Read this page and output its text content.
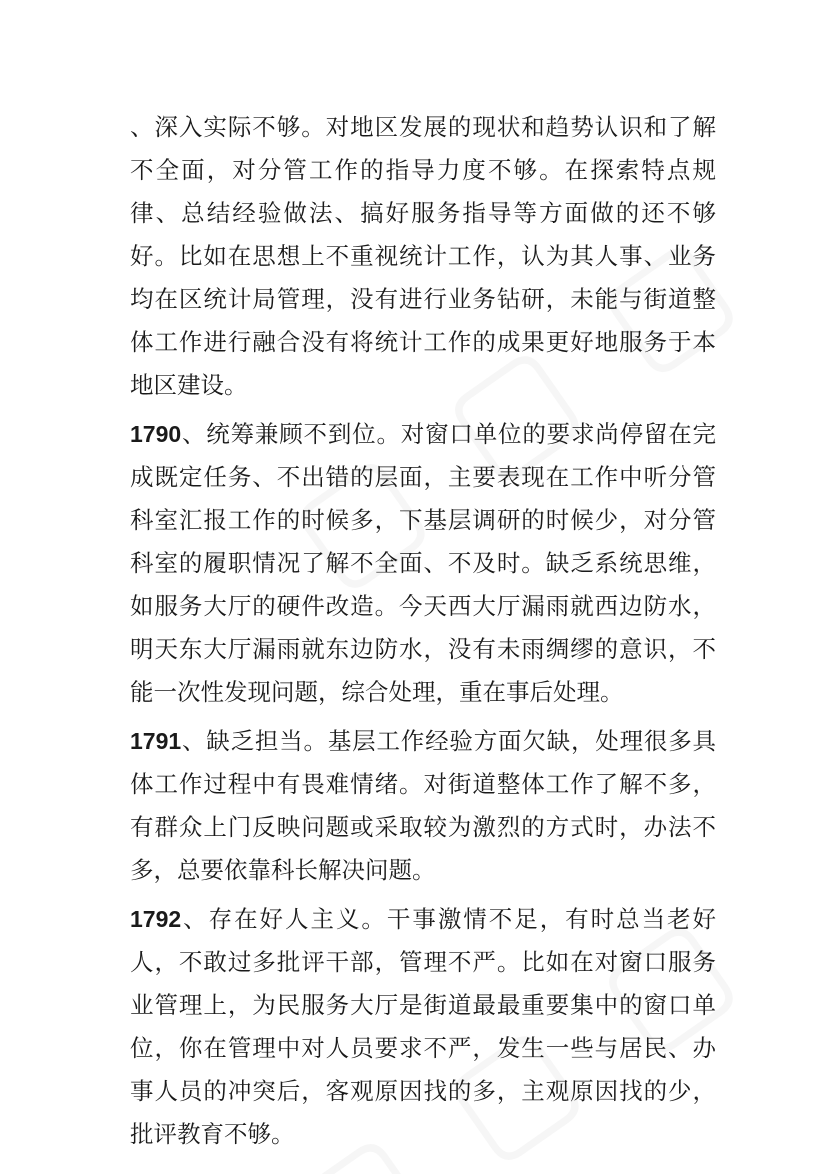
、深入实际不够。对地区发展的现状和趋势认识和了解不全面，对分管工作的指导力度不够。在探索特点规律、总结经验做法、搞好服务指导等方面做的还不够好。比如在思想上不重视统计工作，认为其人事、业务均在区统计局管理，没有进行业务钻研，未能与街道整体工作进行融合没有将统计工作的成果更好地服务于本地区建设。

1790、统筹兼顾不到位。对窗口单位的要求尚停留在完成既定任务、不出错的层面，主要表现在工作中听分管科室汇报工作的时候多，下基层调研的时候少，对分管科室的履职情况了解不全面、不及时。缺乏系统思维，如服务大厅的硬件改造。今天西大厅漏雨就西边防水，明天东大厅漏雨就东边防水，没有未雨绸缪的意识，不能一次性发现问题，综合处理，重在事后处理。

1791、缺乏担当。基层工作经验方面欠缺，处理很多具体工作过程中有畏难情绪。对街道整体工作了解不多，有群众上门反映问题或采取较为激烈的方式时，办法不多，总要依靠科长解决问题。

1792、存在好人主义。干事激情不足，有时总当老好人，不敢过多批评干部，管理不严。比如在对窗口服务业管理上，为民服务大厅是街道最最重要集中的窗口单位，你在管理中对人员要求不严，发生一些与居民、办事人员的冲突后，客观原因找的多，主观原因找的少，批评教育不够。
